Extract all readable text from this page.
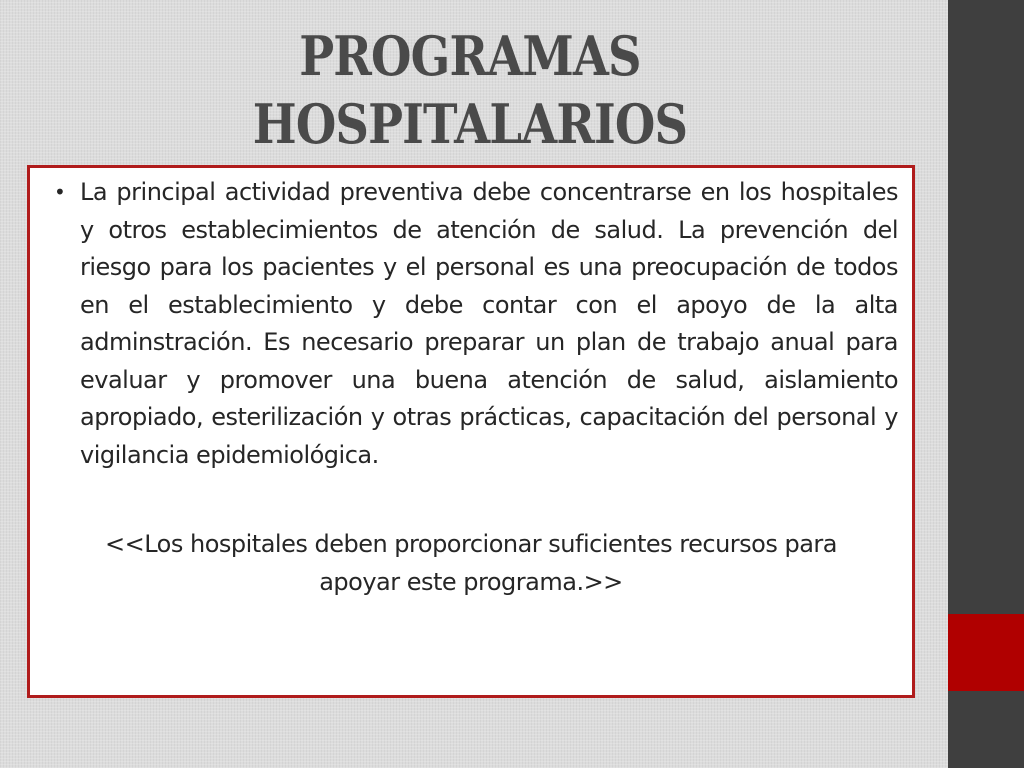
PROGRAMAS
HOSPITALARIOS
• La principal actividad preventiva debe concentrarse en los hospitales y otros establecimientos de atención de salud. La prevención del riesgo para los pacientes y el personal es una preocupación de todos en el establecimiento y debe contar con el apoyo de la alta adminstración. Es necesario preparar un plan de trabajo anual para evaluar y promover una buena atención de salud, aislamiento apropiado, esterilización y otras prácticas, capacitación del personal y vigilancia epidemiológica.

<<Los hospitales deben proporcionar suficientes recursos para
apoyar este programa.>>
